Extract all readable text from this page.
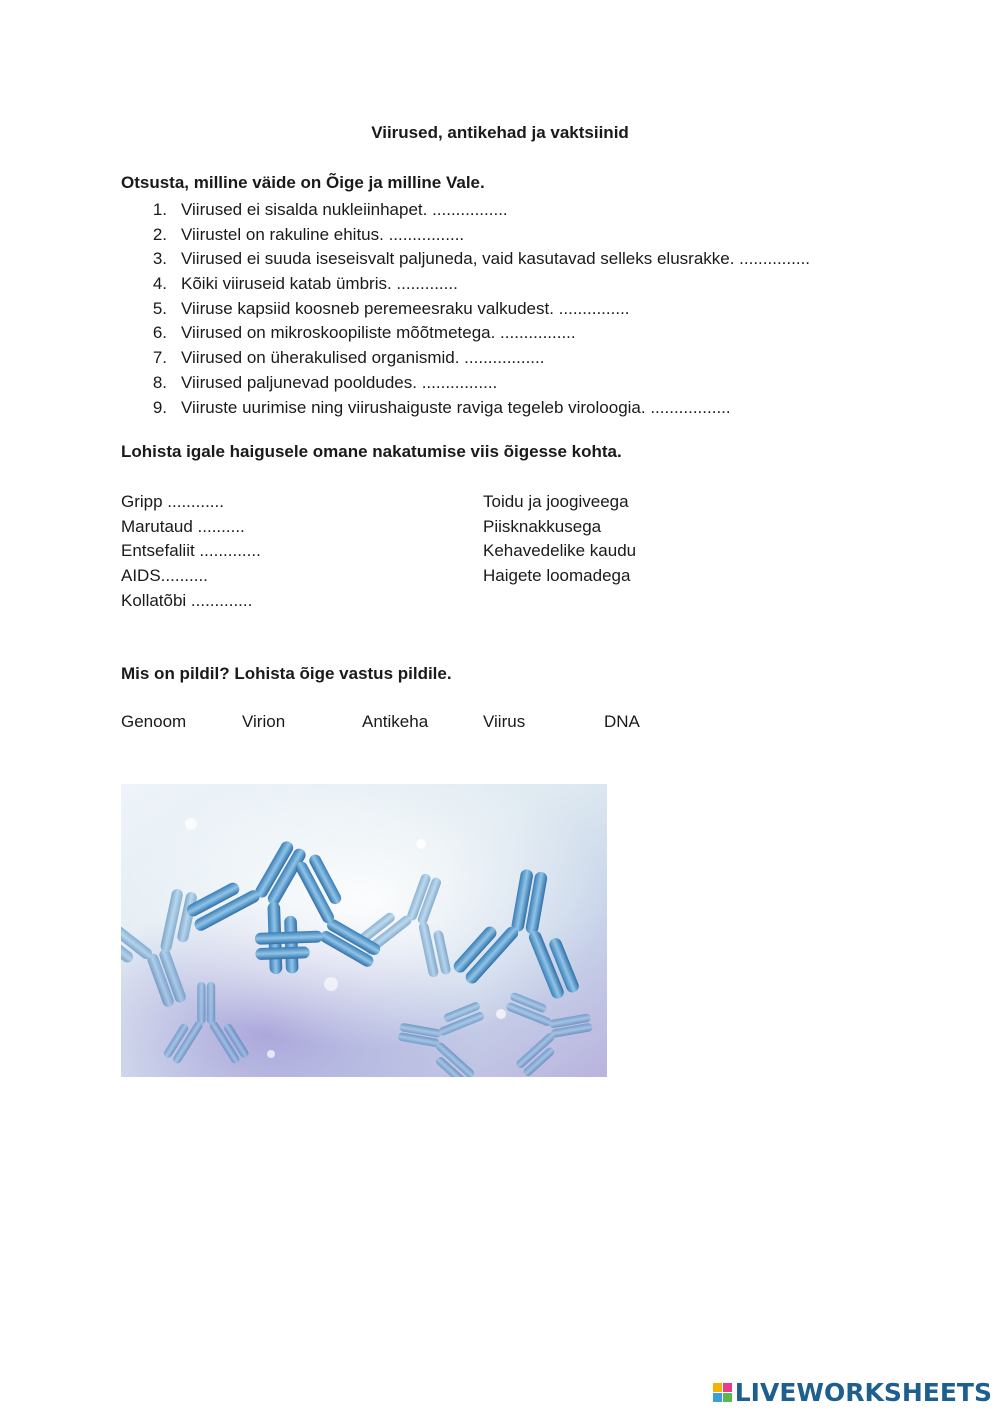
Viirused, antikehad ja vaktsiinid
Otsusta, milline väide on Õige ja milline Vale.
1. Viirused ei sisalda nukleiinhapet. ................
2. Viirustel on rakuline ehitus. ................
3. Viirused ei suuda iseseisvalt paljuneda, vaid kasutavad selleks elusrakke. ...............
4. Kõiki viiruseid katab ümbris. .............
5. Viiruse kapsiid koosneb peremeesraku valkudest. ...............
6. Viirused on mikroskoopiliste mõõtmetega. ................
7. Viirused on üherakulised organismid. .................
8. Viirused paljunevad pooldudes. ................
9. Viiruste uurimise ning viirushaiguste raviga tegeleb viroloogia. .................
Lohista igale haigusele omane nakatumise viis õigesse kohta.
Gripp ............
Marutaud ..........
Entsefaliit .............
AIDS..........
Kollatõbi .............
Toidu ja joogiveega
Piisknakkusega
Kehavedelike kaudu
Haigete loomadega
Mis on pildil? Lohista õige vastus pildile.
Genoom	Virion	Antikeha	Viirus	DNA
LIVEWORKSHEETS
